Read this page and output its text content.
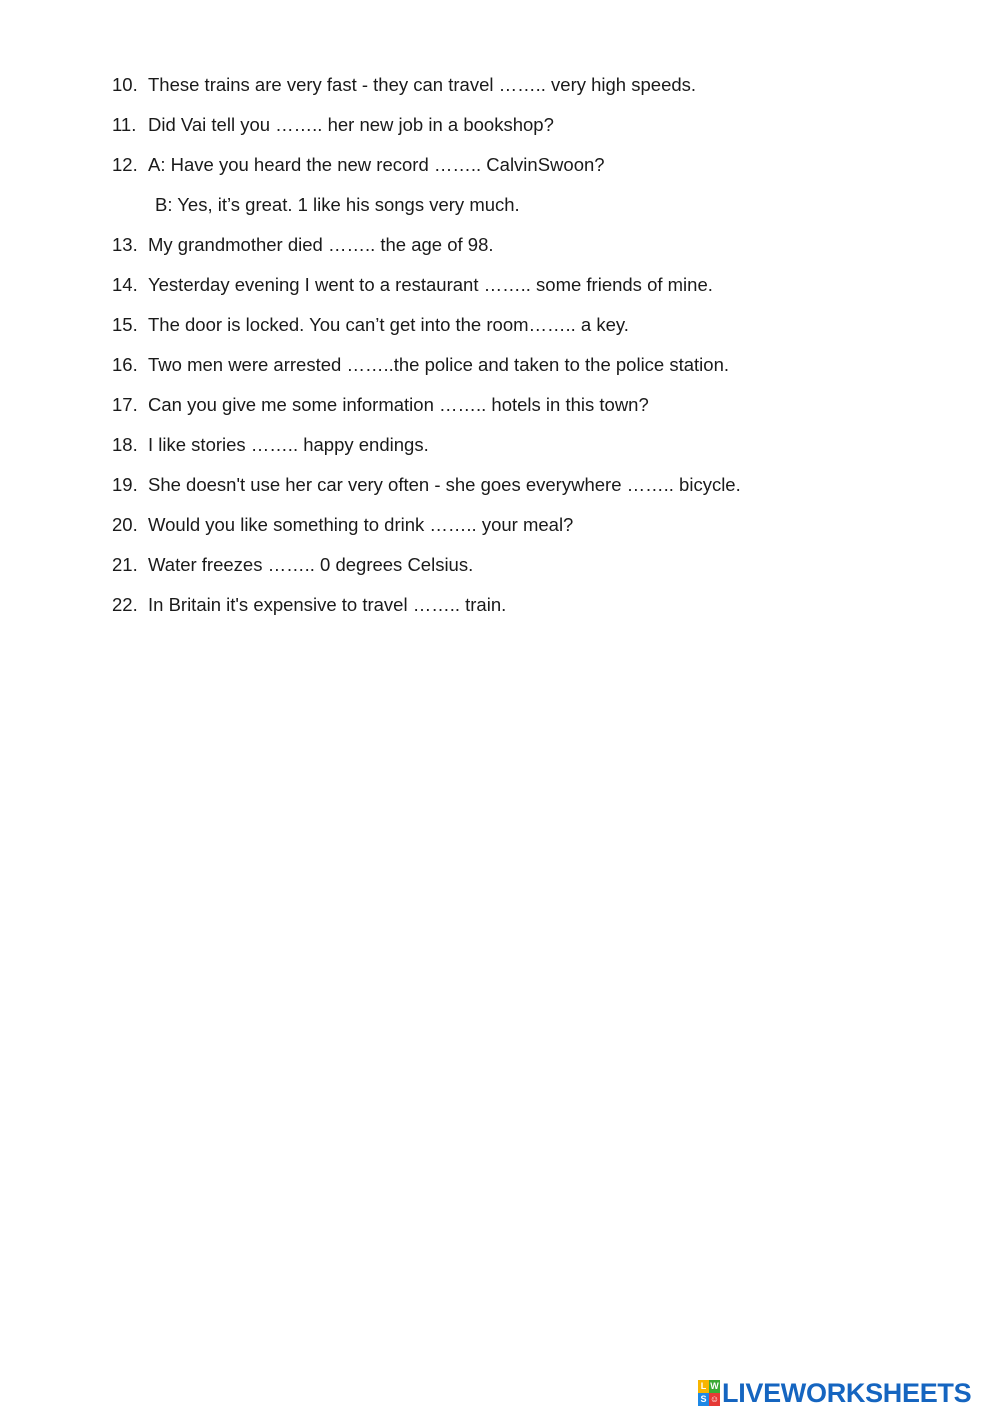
10. These trains are very fast - they can travel …….. very high speeds.
11. Did Vai tell you …….. her new job in a bookshop?
12. A: Have you heard the new record …….. CalvinSwoon?
B: Yes, it’s great. 1 like his songs very much.
13. My grandmother died …….. the age of 98.
14. Yesterday evening I went to a restaurant …….. some friends of mine.
15. The door is locked. You can’t get into the room…….. a key.
16. Two men were arrested ……..the police and taken to the police station.
17. Can you give me some information …….. hotels in this town?
18. I like stories …….. happy endings.
19. She doesn't use her car very often - she goes everywhere …….. bicycle.
20. Would you like something to drink …….. your meal?
21. Water freezes …….. 0 degrees Celsius.
22. In Britain it's expensive to travel …….. train.
L W
S ☺ LIVEWORKSHEETS
